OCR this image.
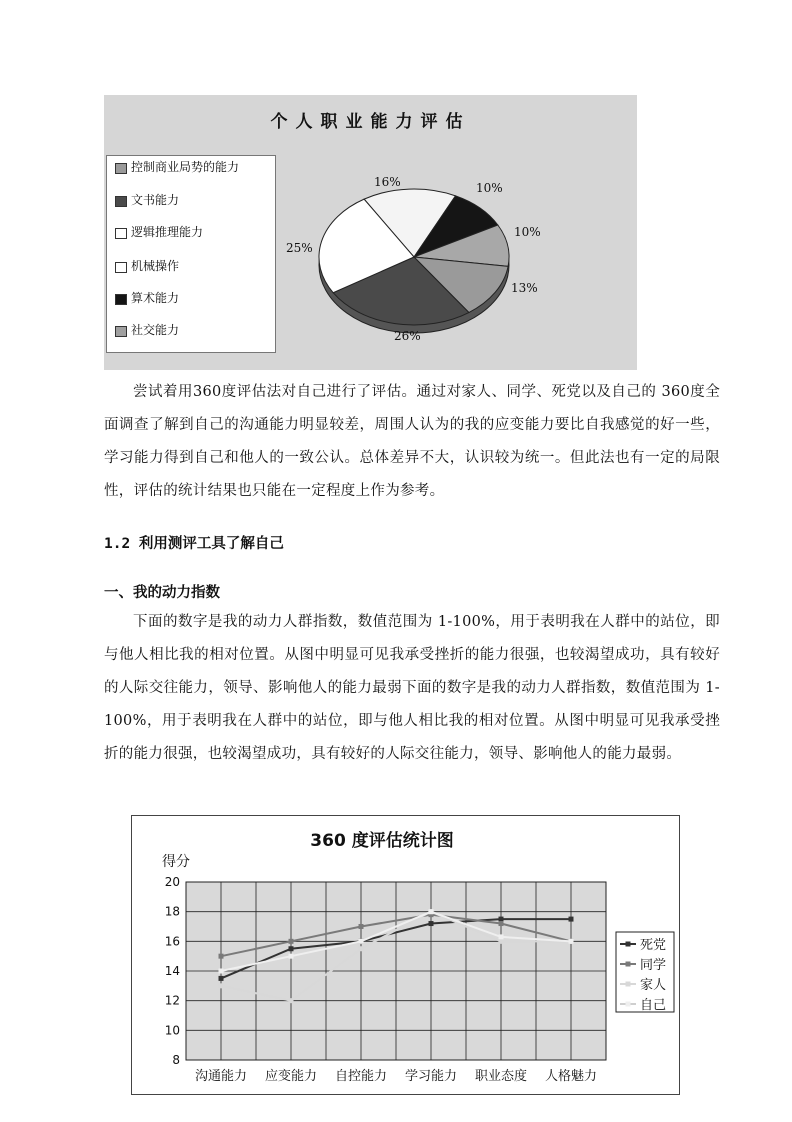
个人职业能力评估
控制商业局势的能力
文书能力
逻辑推理能力
机械操作
算术能力
社交能力
16%	10%
10%
13%
26%
25%
尝试着用360度评估法对自己进行了评估。通过对家人、同学、死党以及自己的 360度全面调查了解到自己的沟通能力明显较差，周围人认为的我的应变能力要比自我感觉的好一些，学习能力得到自己和他人的一致公认。总体差异不大，认识较为统一。但此法也有一定的局限性，评估的统计结果也只能在一定程度上作为参考。
1.2 利用测评工具了解自己
一、我的动力指数
下面的数字是我的动力人群指数，数值范围为 1-100%，用于表明我在人群中的站位，即与他人相比我的相对位置。从图中明显可见我承受挫折的能力很强，也较渴望成功，具有较好的人际交往能力，领导、影响他人的能力最弱下面的数字是我的动力人群指数，数值范围为 1-100%，用于表明我在人群中的站位，即与他人相比我的相对位置。从图中明显可见我承受挫折的能力很强，也较渴望成功，具有较好的人际交往能力，领导、影响他人的能力最弱。
360 度评估统计图
得分
8
10
12
14
16
18
20
沟通能力 应变能力 自控能力 学习能力 职业态度 人格魅力
死党
同学
家人
自己
